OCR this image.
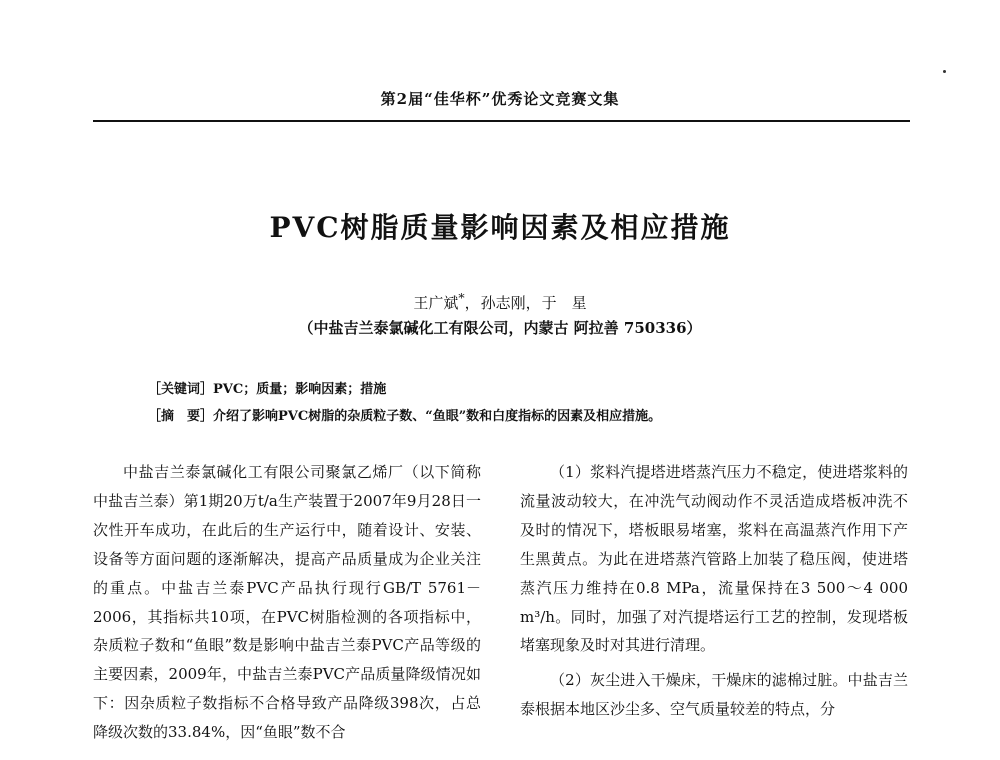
第2届“佳华杯”优秀论文竞赛文集
PVC树脂质量影响因素及相应措施
王广斌*，孙志刚，于　星
（中盐吉兰泰氯碱化工有限公司，内蒙古 阿拉善 750336）
［关键词］PVC；质量；影响因素；措施
［摘　要］介绍了影响PVC树脂的杂质粒子数、“鱼眼”数和白度指标的因素及相应措施。

中盐吉兰泰氯碱化工有限公司聚氯乙烯厂（以下简称中盐吉兰泰）第1期20万t/a生产装置于2007年9月28日一次性开车成功，在此后的生产运行中，随着设计、安装、设备等方面问题的逐渐解决，提高产品质量成为企业关注的重点。中盐吉兰泰PVC产品执行现行GB/T 5761－2006，其指标共10项，在PVC树脂检测的各项指标中，杂质粒子数和“鱼眼”数是影响中盐吉兰泰PVC产品等级的主要因素，2009年，中盐吉兰泰PVC产品质量降级情况如下：因杂质粒子数指标不合格导致产品降级398次，占总降级次数的33.84%，因“鱼眼”数不合

（1）浆料汽提塔进塔蒸汽压力不稳定，使进塔浆料的流量波动较大，在冲洗气动阀动作不灵活造成塔板冲洗不及时的情况下，塔板眼易堵塞，浆料在高温蒸汽作用下产生黑黄点。为此在进塔蒸汽管路上加装了稳压阀，使进塔蒸汽压力维持在0.8 MPa，流量保持在3 500～4 000 m³/h。同时，加强了对汽提塔运行工艺的控制，发现塔板堵塞现象及时对其进行清理。

（2）灰尘进入干燥床，干燥床的滤棉过脏。中盐吉兰泰根据本地区沙尘多、空气质量较差的特点，分
